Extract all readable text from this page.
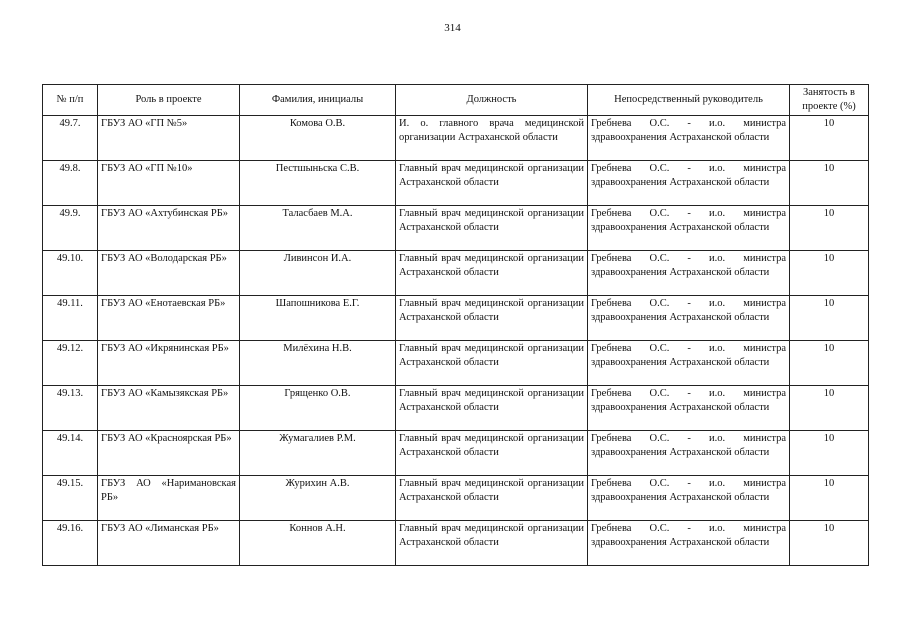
314
№ п/п	Роль в проекте	Фамилия, инициалы	Должность	Непосредственный руководитель	Занятость в проекте (%)
49.7.	ГБУЗ АО «ГП №5»	Комова О.В.	И. о. главного врача медицинской организации Астраханской области	Гребнева О.С. - и.о. министра здравоохранения Астраханской области	10
49.8.	ГБУЗ АО «ГП №10»	Пестшыньска С.В.	Главный врач медицинской организации Астраханской области	Гребнева О.С. - и.о. министра здравоохранения Астраханской области	10
49.9.	ГБУЗ АО «Ахтубинская РБ»	Таласбаев М.А.	Главный врач медицинской организации Астраханской области	Гребнева О.С. - и.о. министра здравоохранения Астраханской области	10
49.10.	ГБУЗ АО «Володарская РБ»	Ливинсон И.А.	Главный врач медицинской организации Астраханской области	Гребнева О.С. - и.о. министра здравоохранения Астраханской области	10
49.11.	ГБУЗ АО «Енотаевская РБ»	Шапошникова Е.Г.	Главный врач медицинской организации Астраханской области	Гребнева О.С. - и.о. министра здравоохранения Астраханской области	10
49.12.	ГБУЗ АО «Икрянинская РБ»	Милёхина Н.В.	Главный врач медицинской организации Астраханской области	Гребнева О.С. - и.о. министра здравоохранения Астраханской области	10
49.13.	ГБУЗ АО «Камызякская РБ»	Грященко О.В.	Главный врач медицинской организации Астраханской области	Гребнева О.С. - и.о. министра здравоохранения Астраханской области	10
49.14.	ГБУЗ АО «Красноярская РБ»	Жумагалиев Р.М.	Главный врач медицинской организации Астраханской области	Гребнева О.С. - и.о. министра здравоохранения Астраханской области	10
49.15.	ГБУЗ АО «Наримановская РБ»	Журихин А.В.	Главный врач медицинской организации Астраханской области	Гребнева О.С. - и.о. министра здравоохранения Астраханской области	10
49.16.	ГБУЗ АО «Лиманская РБ»	Коннов А.Н.	Главный врач медицинской организации Астраханской области	Гребнева О.С. - и.о. министра здравоохранения Астраханской области	10
